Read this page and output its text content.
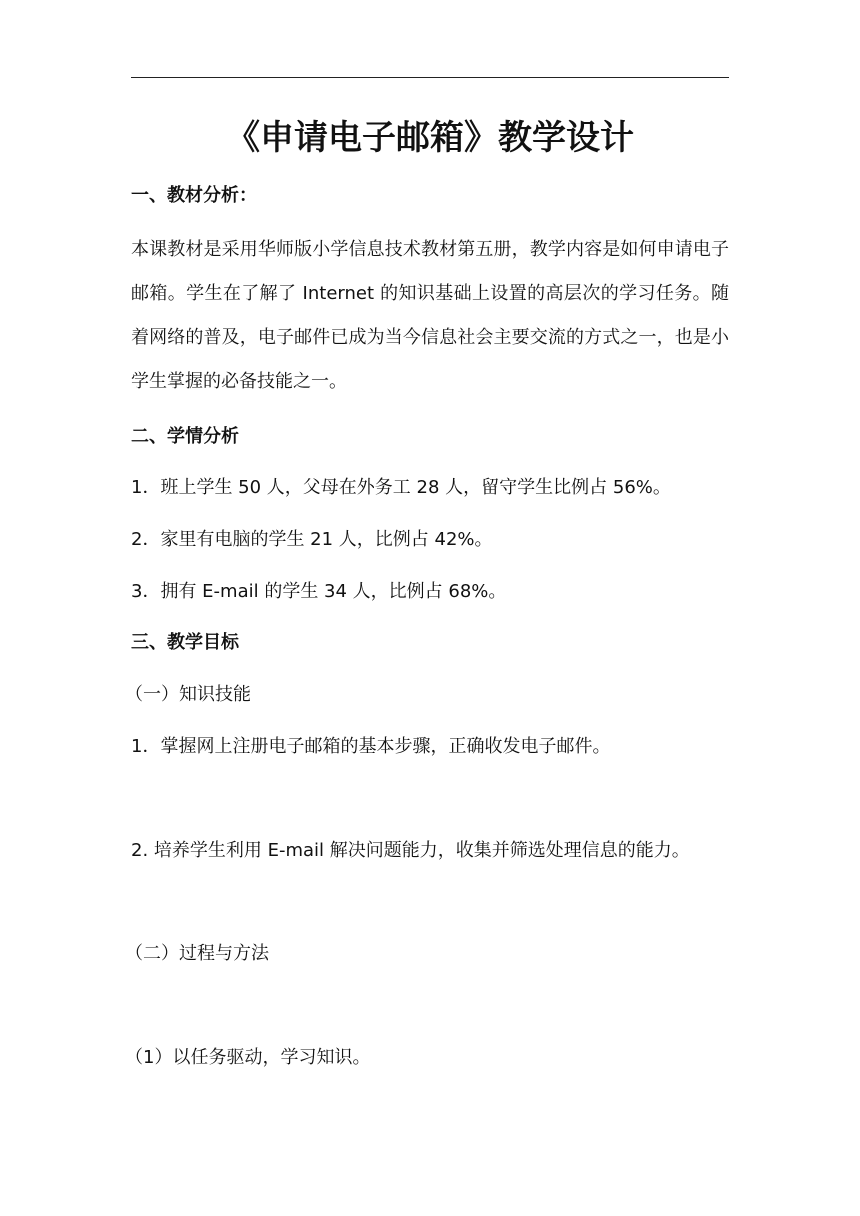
《申请电子邮箱》教学设计
一、教材分析：

本课教材是采用华师版小学信息技术教材第五册，教学内容是如何申请电子邮箱。学生在了解了 Internet 的知识基础上设置的高层次的学习任务。随着网络的普及，电子邮件已成为当今信息社会主要交流的方式之一，也是小学生掌握的必备技能之一。

二、学情分析
1．班上学生 50 人，父母在外务工 28 人，留守学生比例占 56%。
2．家里有电脑的学生 21 人，比例占 42%。
3．拥有 E-mail 的学生 34 人，比例占 68%。
三、教学目标
（一）知识技能
1．掌握网上注册电子邮箱的基本步骤，正确收发电子邮件。
2. 培养学生利用 E-mail 解决问题能力，收集并筛选处理信息的能力。
（二）过程与方法
（1）以任务驱动，学习知识。
